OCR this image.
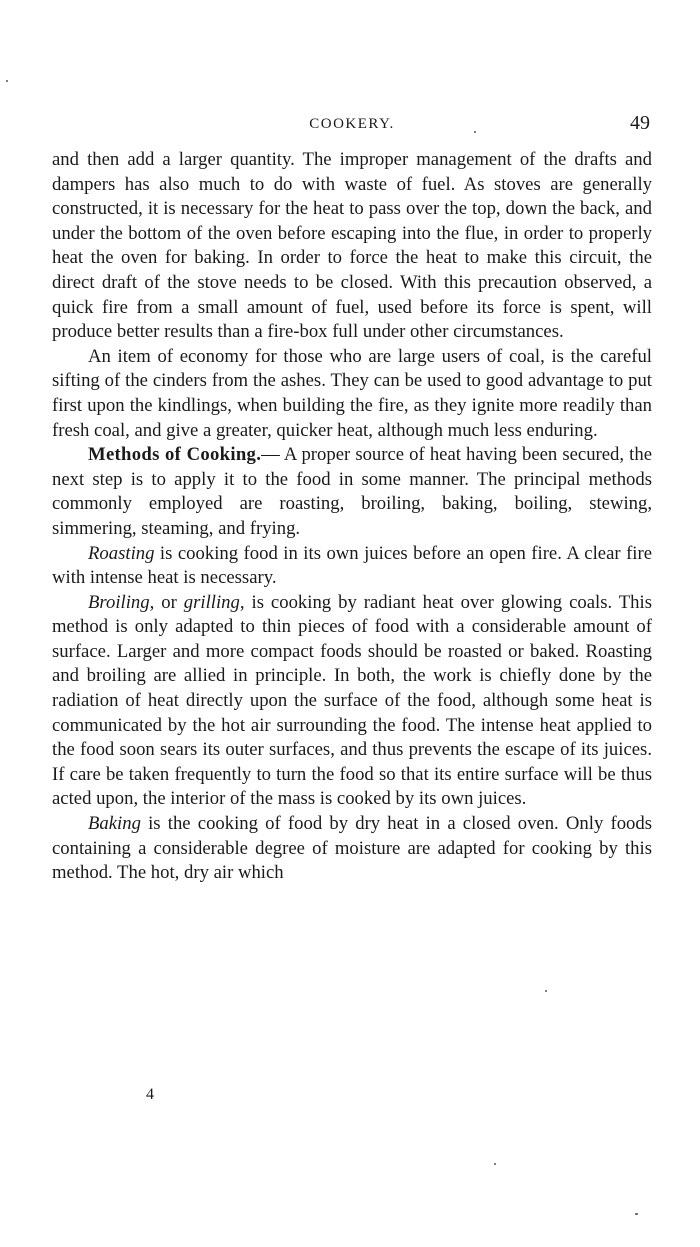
COOKERY.	49

and then add a larger quantity. The improper management of the drafts and dampers has also much to do with waste of fuel. As stoves are generally constructed, it is necessary for the heat to pass over the top, down the back, and under the bottom of the oven before escaping into the flue, in order to properly heat the oven for baking. In order to force the heat to make this circuit, the direct draft of the stove needs to be closed. With this precaution observed, a quick fire from a small amount of fuel, used before its force is spent, will produce better results than a fire-box full under other circumstances.

An item of economy for those who are large users of coal, is the careful sifting of the cinders from the ashes. They can be used to good advantage to put first upon the kindlings, when building the fire, as they ignite more readily than fresh coal, and give a greater, quicker heat, although much less enduring.

Methods of Cooking.— A proper source of heat having been secured, the next step is to apply it to the food in some manner. The principal methods commonly employed are roasting, broiling, baking, boiling, stewing, simmering, steaming, and frying.

Roasting is cooking food in its own juices before an open fire. A clear fire with intense heat is necessary.

Broiling, or grilling, is cooking by radiant heat over glowing coals. This method is only adapted to thin pieces of food with a considerable amount of surface. Larger and more compact foods should be roasted or baked. Roasting and broiling are allied in principle. In both, the work is chiefly done by the radiation of heat directly upon the surface of the food, although some heat is communicated by the hot air surrounding the food. The intense heat applied to the food soon sears its outer surfaces, and thus prevents the escape of its juices. If care be taken frequently to turn the food so that its entire surface will be thus acted upon, the interior of the mass is cooked by its own juices.

Baking is the cooking of food by dry heat in a closed oven. Only foods containing a considerable degree of moisture are adapted for cooking by this method. The hot, dry air which

4
